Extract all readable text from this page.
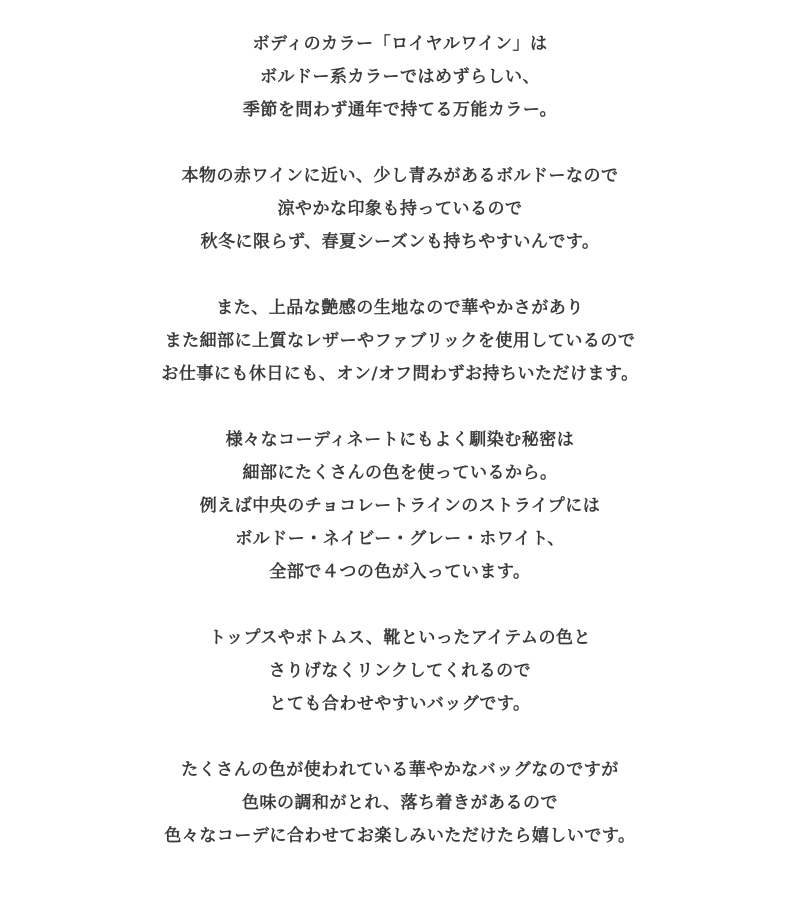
ボディのカラー「ロイヤルワイン」は
ボルドー系カラーではめずらしい、
季節を問わず通年で持てる万能カラー。

本物の赤ワインに近い、少し青みがあるボルドーなので
涼やかな印象も持っているので
秋冬に限らず、春夏シーズンも持ちやすいんです。

また、上品な艶感の生地なので華やかさがあり
また細部に上質なレザーやファブリックを使用しているので
お仕事にも休日にも、オン/オフ問わずお持ちいただけます。

様々なコーディネートにもよく馴染む秘密は
細部にたくさんの色を使っているから。
例えば中央のチョコレートラインのストライプには
ボルドー・ネイビー・グレー・ホワイト、
全部で４つの色が入っています。

トップスやボトムス、靴といったアイテムの色と
さりげなくリンクしてくれるので
とても合わせやすいバッグです。

たくさんの色が使われている華やかなバッグなのですが
色味の調和がとれ、落ち着きがあるので
色々なコーデに合わせてお楽しみいただけたら嬉しいです。
